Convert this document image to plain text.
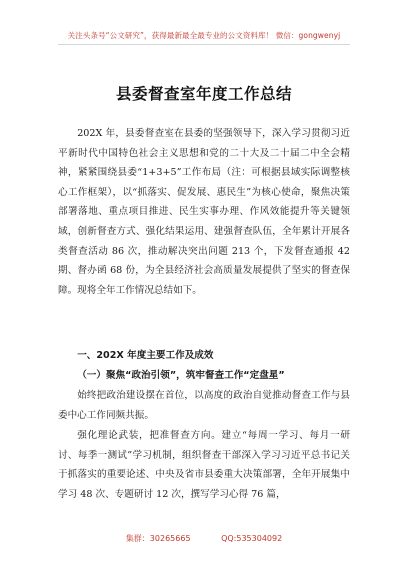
关注头条号“公文研究”，获得最新最全最专业的公文资料库！ 微信：gongwenyj
县委督查室年度工作总结

202X 年，县委督查室在县委的坚强领导下，深入学习贯彻习近平新时代中国特色社会主义思想和党的二十大及二十届二中全会精神，紧紧围绕县委“1+3+5”工作布局（注：可根据县域实际调整核心工作框架），以“抓落实、促发展、惠民生”为核心使命，聚焦决策部署落地、重点项目推进、民生实事办理、作风效能提升等关键领域，创新督查方式、强化结果运用、建强督查队伍，全年累计开展各类督查活动 86 次，推动解决突出问题 213 个，下发督查通报 42 期、督办函 68 份，为全县经济社会高质量发展提供了坚实的督查保障。现将全年工作情况总结如下。

一、202X 年度主要工作及成效
（一）聚焦“政治引领”，筑牢督查工作“定盘星”

始终把政治建设摆在首位，以高度的政治自觉推动督查工作与县委中心工作同频共振。

强化理论武装，把准督查方向。建立“每周一学习、每月一研讨、每季一测试”学习机制，组织督查干部深入学习习近平总书记关于抓落实的重要论述、中央及省市县委重大决策部署，全年开展集中学习 48 次、专题研讨 12 次，撰写学习心得 76 篇，

集群：30265665	QQ:535304092
